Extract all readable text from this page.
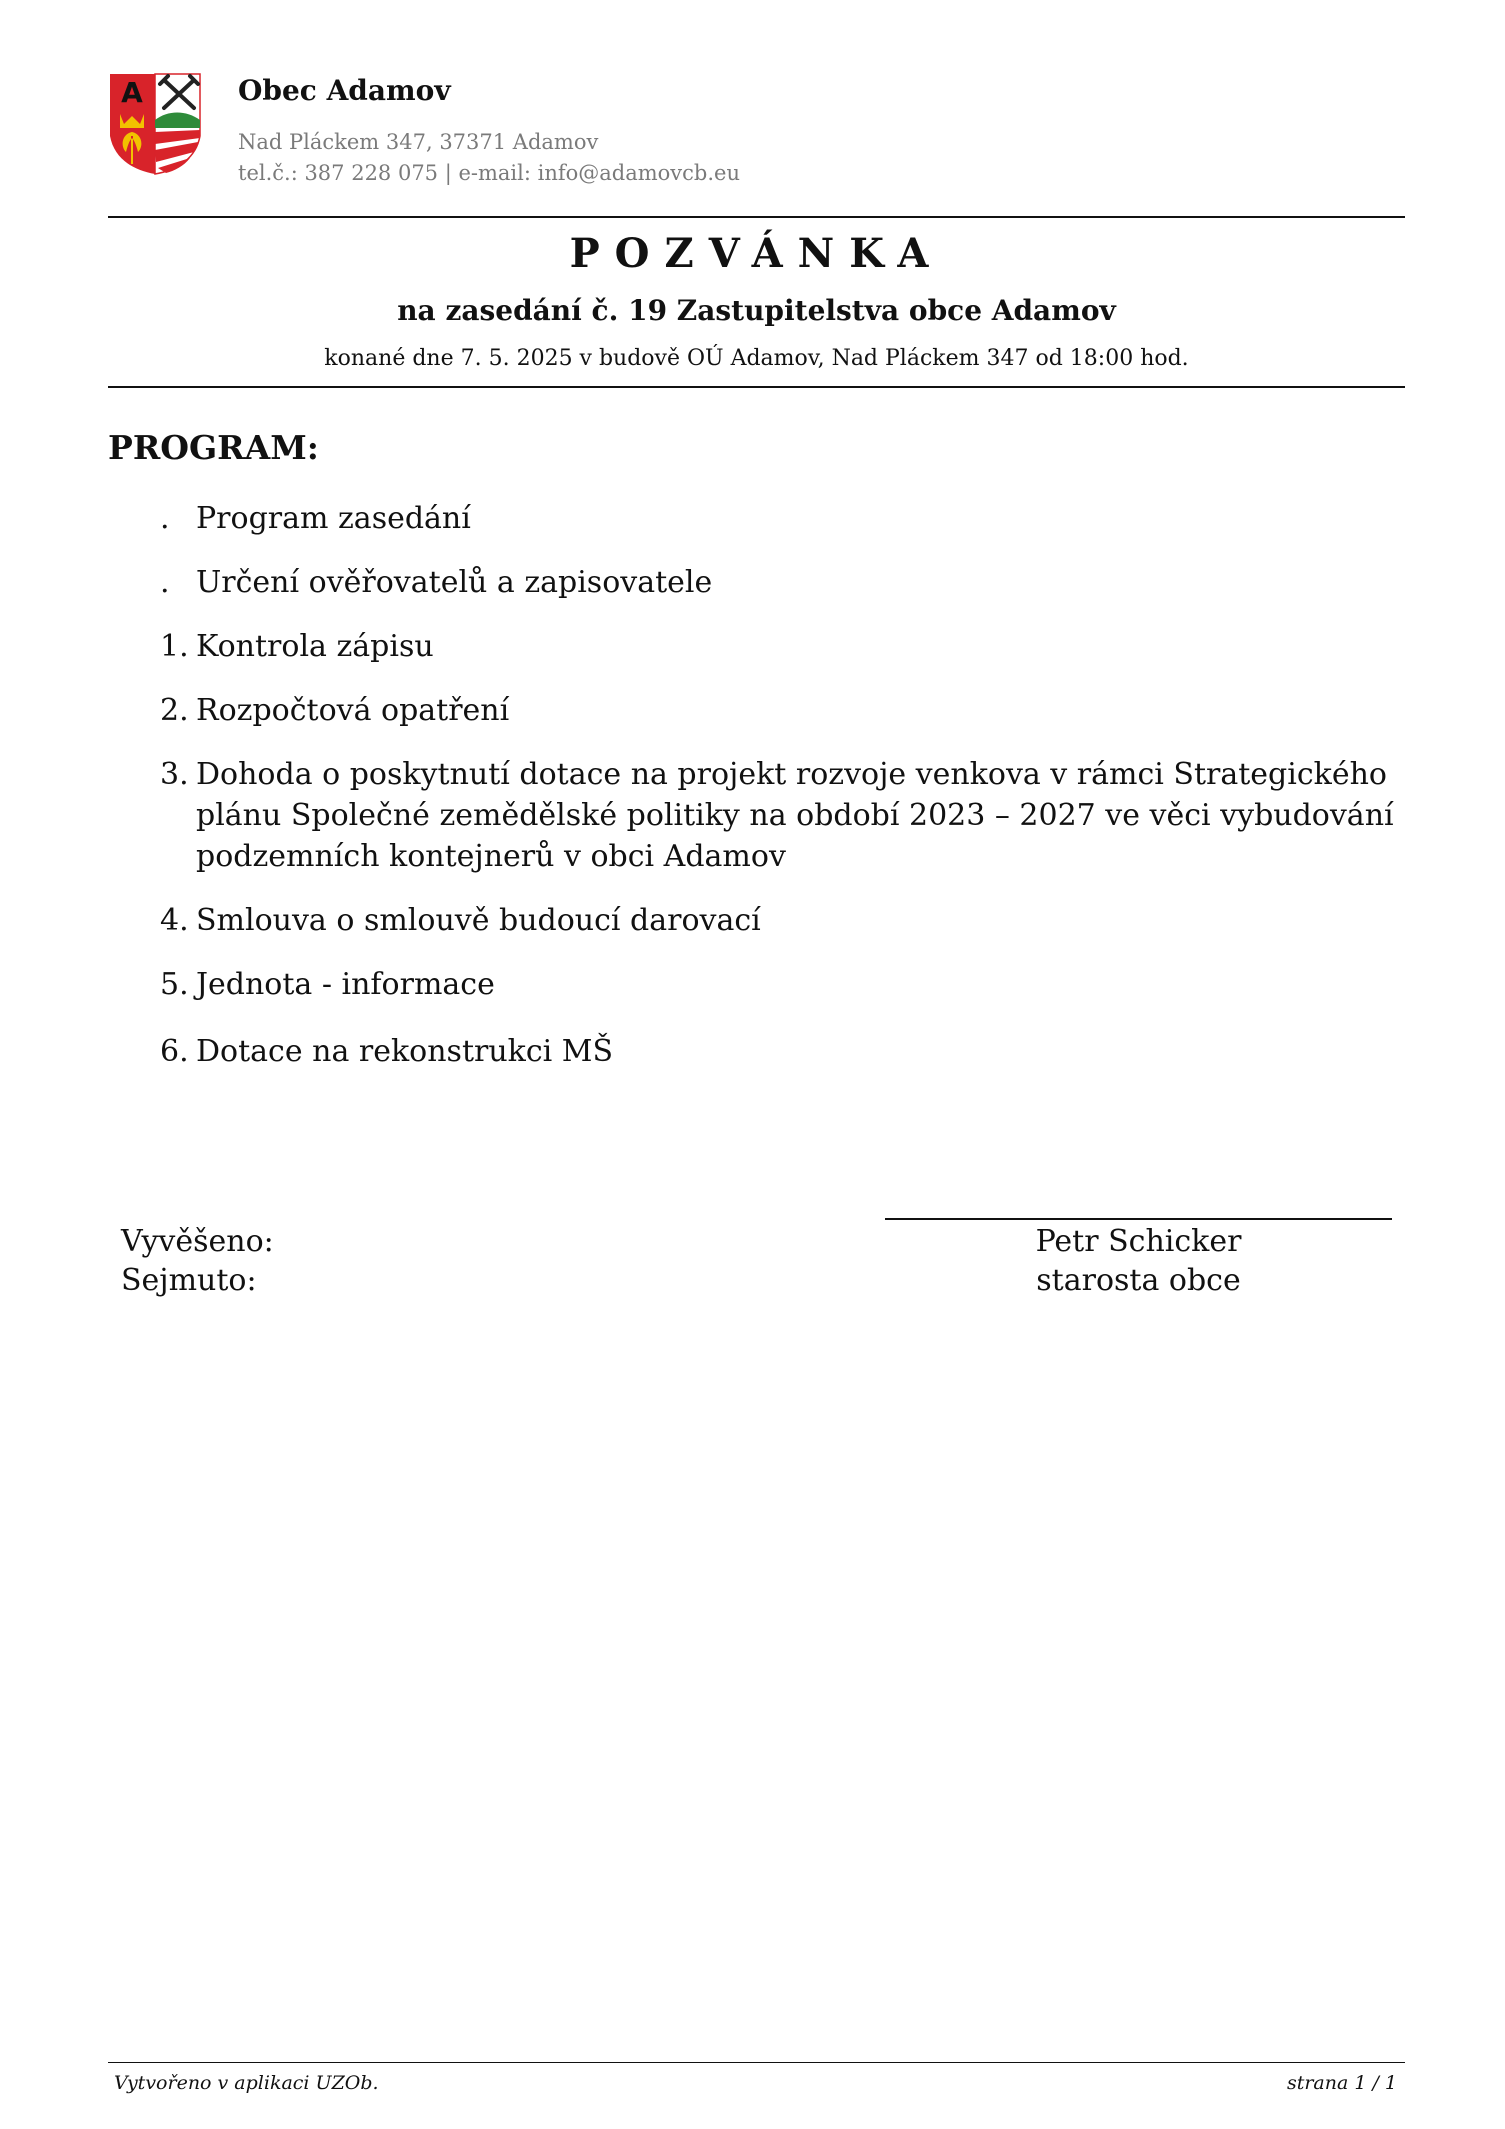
A	Obec Adamov
Nad Pláckem 347, 37371 Adamov
tel.č.: 387 228 075 | e-mail: info@adamovcb.eu
POZVÁNKA
na zasedání č. 19 Zastupitelstva obce Adamov
konané dne 7. 5. 2025 v budově OÚ Adamov, Nad Pláckem 347 od 18:00 hod.
PROGRAM:
. Program zasedání
. Určení ověřovatelů a zapisovatele
1. Kontrola zápisu
2. Rozpočtová opatření
3. Dohoda o poskytnutí dotace na projekt rozvoje venkova v rámci Strategického
plánu Společné zemědělské politiky na období 2023 – 2027 ve věci vybudování
podzemních kontejnerů v obci Adamov
4. Smlouva o smlouvě budoucí darovací
5. Jednota - informace
6. Dotace na rekonstrukci MŠ
Vyvěšeno:
Sejmuto:
Petr Schicker
starosta obce
Vytvořeno v aplikaci UZOb.	strana 1 / 1
